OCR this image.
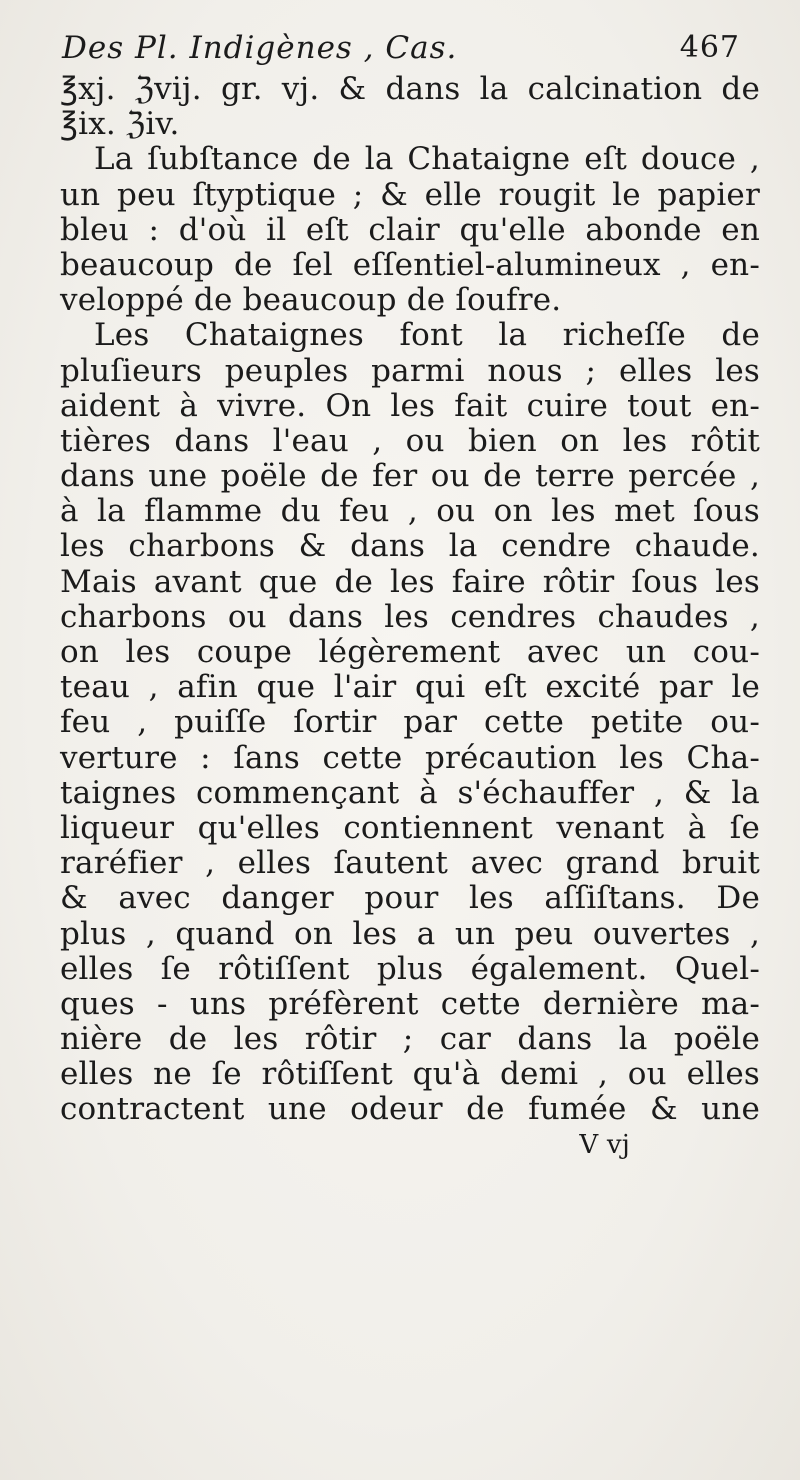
Des Pl. Indigènes , Cas.	467
℥xj. ℨvij. gr. vj. & dans la calcination de
℥ix. ℨiv.
La ſubſtance de la Chataigne eſt douce ,
un peu ſtyptique ; & elle rougit le papier
bleu : d'où il eſt clair qu'elle abonde en
beaucoup de ſel eſſentiel-alumineux , en-
veloppé de beaucoup de ſoufre.
Les Chataignes font la richeſſe de
pluſieurs peuples parmi nous ; elles les
aident à vivre. On les fait cuire tout en-
tières dans l'eau , ou bien on les rôtit
dans une poële de fer ou de terre percée ,
à la flamme du feu , ou on les met ſous
les charbons & dans la cendre chaude.
Mais avant que de les faire rôtir ſous les
charbons ou dans les cendres chaudes ,
on les coupe légèrement avec un cou-
teau , afin que l'air qui eſt excité par le
feu , puiſſe ſortir par cette petite ou-
verture : ſans cette précaution les Cha-
taignes commençant à s'échauffer , & la
liqueur qu'elles contiennent venant à ſe
raréfier , elles ſautent avec grand bruit
& avec danger pour les aſſiſtans. De
plus , quand on les a un peu ouvertes ,
elles ſe rôtiſſent plus également. Quel-
ques - uns préfèrent cette dernière ma-
nière de les rôtir ; car dans la poële
elles ne ſe rôtiſſent qu'à demi , ou elles
contractent une odeur de fumée & une
V vj
